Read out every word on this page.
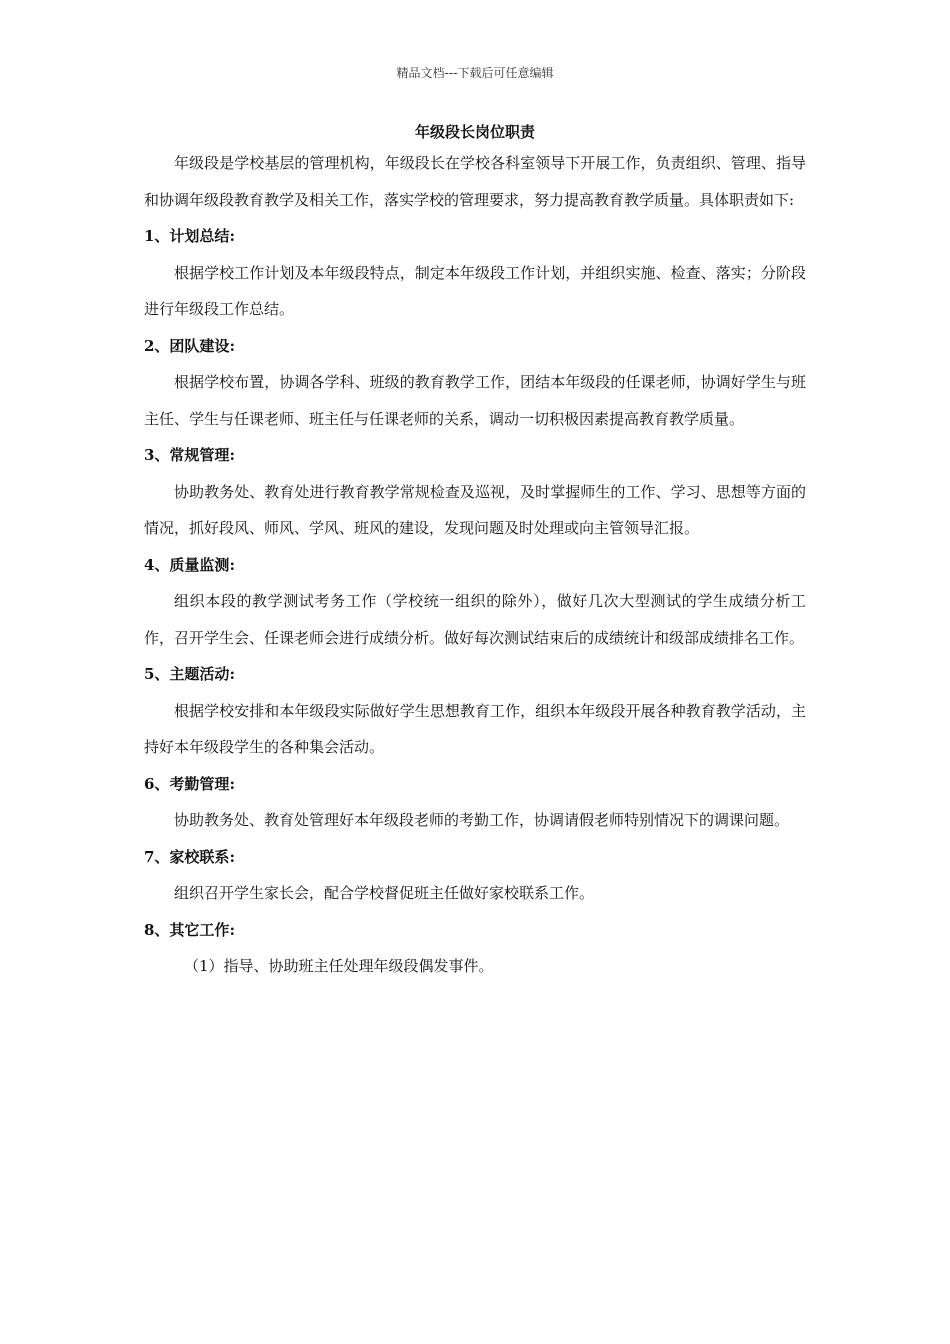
精品文档---下载后可任意编辑
年级段长岗位职责

年级段是学校基层的管理机构，年级段长在学校各科室领导下开展工作，负责组织、管理、指导和协调年级段教育教学及相关工作，落实学校的管理要求，努力提高教育教学质量。具体职责如下:

1、计划总结:

根据学校工作计划及本年级段特点，制定本年级段工作计划，并组织实施、检查、落实；分阶段进行年级段工作总结。

2、团队建设:

根据学校布置，协调各学科、班级的教育教学工作，团结本年级段的任课老师，协调好学生与班主任、学生与任课老师、班主任与任课老师的关系，调动一切积极因素提高教育教学质量。

3、常规管理:

协助教务处、教育处进行教育教学常规检查及巡视，及时掌握师生的工作、学习、思想等方面的情况，抓好段风、师风、学风、班风的建设，发现问题及时处理或向主管领导汇报。

4、质量监测:

组织本段的教学测试考务工作（学校统一组织的除外），做好几次大型测试的学生成绩分析工作，召开学生会、任课老师会进行成绩分析。做好每次测试结束后的成绩统计和级部成绩排名工作。

5、主题活动:

根据学校安排和本年级段实际做好学生思想教育工作，组织本年级段开展各种教育教学活动，主持好本年级段学生的各种集会活动。

6、考勤管理:

协助教务处、教育处管理好本年级段老师的考勤工作，协调请假老师特别情况下的调课问题。

7、家校联系:

组织召开学生家长会，配合学校督促班主任做好家校联系工作。

8、其它工作:

（1）指导、协助班主任处理年级段偶发事件。
